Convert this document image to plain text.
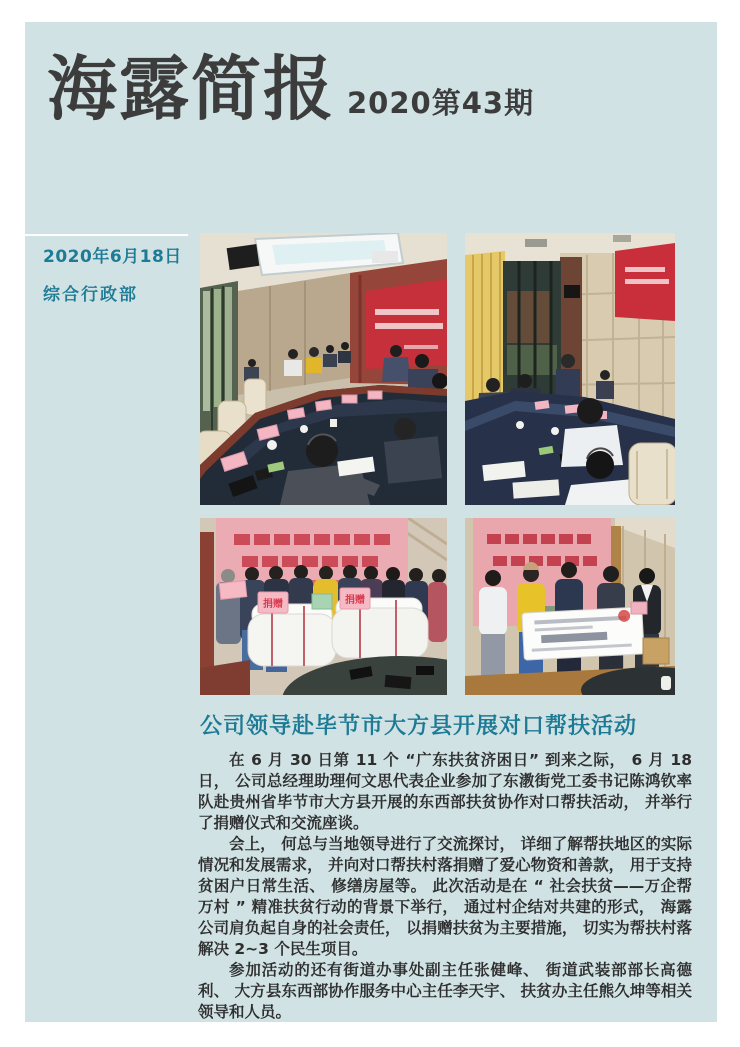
海露简报 2020第43期
2020年6月18日
综合行政部
捐赠	捐赠
公司领导赴毕节市大方县开展对口帮扶活动

在 6 月 30 日第 11 个 “广东扶贫济困日” 到来之际， 6 月 18 日， 公司总经理助理何文思代表企业参加了东漖街党工委书记陈鸿钦率队赴贵州省毕节市大方县开展的东西部扶贫协作对口帮扶活动， 并举行了捐赠仪式和交流座谈。

会上， 何总与当地领导进行了交流探讨， 详细了解帮扶地区的实际情况和发展需求， 并向对口帮扶村落捐赠了爱心物资和善款， 用于支持贫困户日常生活、 修缮房屋等。 此次活动是在 “ 社会扶贫——万企帮万村 ” 精准扶贫行动的背景下举行， 通过村企结对共建的形式， 海露公司肩负起自身的社会责任， 以捐赠扶贫为主要措施， 切实为帮扶村落解决 2~3 个民生项目。

参加活动的还有街道办事处副主任张健峰、 街道武装部部长高德利、 大方县东西部协作服务中心主任李天宇、 扶贫办主任熊久坤等相关领导和人员。
